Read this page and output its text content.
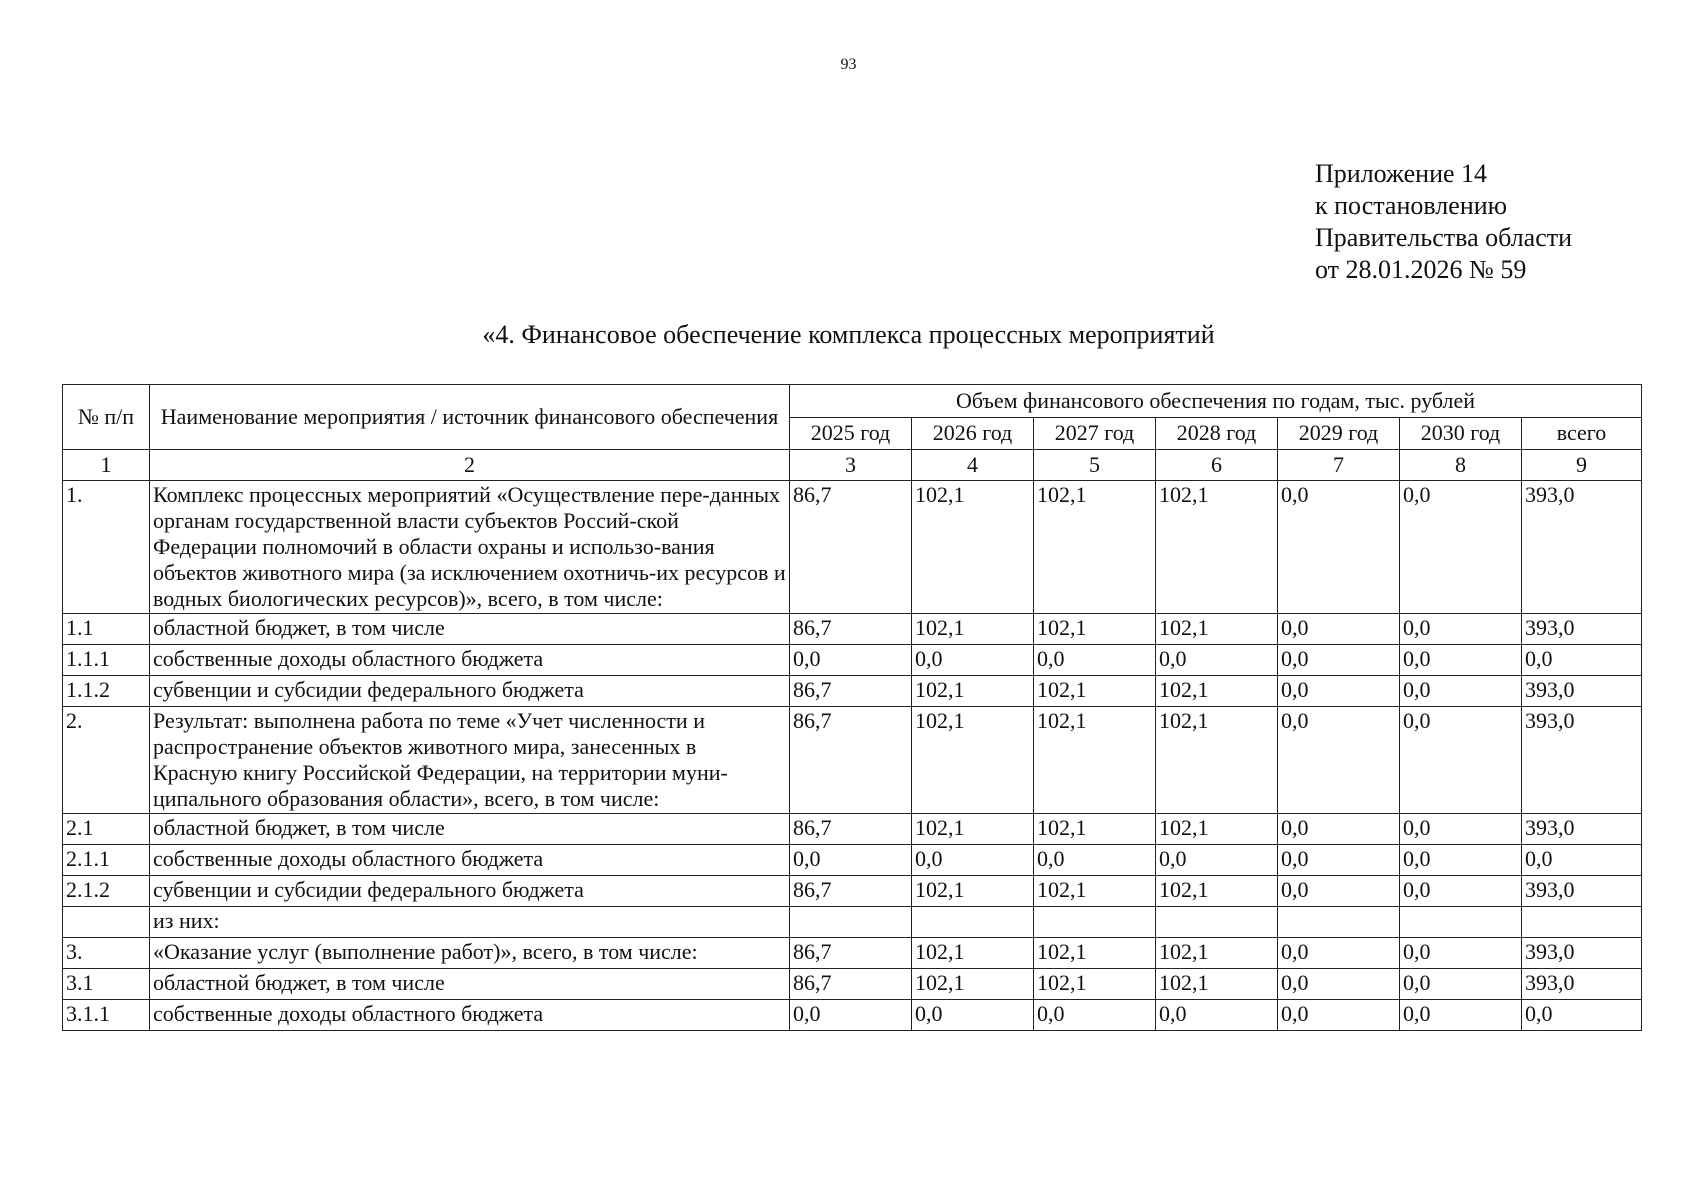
93
Приложение 14
к постановлению
Правительства области
от 28.01.2026 № 59
«4. Финансовое обеспечение комплекса процессных мероприятий
№ п/п	Наименование мероприятия / источник финансового обеспечения	Объем финансового обеспечения по годам, тыс. рублей						
		2025 год	2026 год	2027 год	2028 год	2029 год	2030 год	всего
1	2	3	4	5	6	7	8	9
1.	Комплекс процессных мероприятий «Осуществление пере-данных органам государственной власти субъектов Россий-ской Федерации полномочий в области охраны и использо-вания объектов животного мира (за исключением охотничь-их ресурсов и водных биологических ресурсов)», всего, в том числе:	86,7	102,1	102,1	102,1	0,0	0,0	393,0
1.1	областной бюджет, в том числе	86,7	102,1	102,1	102,1	0,0	0,0	393,0
1.1.1	собственные доходы областного бюджета	0,0	0,0	0,0	0,0	0,0	0,0	0,0
1.1.2	субвенции и субсидии федерального бюджета	86,7	102,1	102,1	102,1	0,0	0,0	393,0
2.	Результат: выполнена работа по теме «Учет численности и распространение объектов животного мира, занесенных в Красную книгу Российской Федерации, на территории муни-ципального образования области», всего, в том числе:	86,7	102,1	102,1	102,1	0,0	0,0	393,0
2.1	областной бюджет, в том числе	86,7	102,1	102,1	102,1	0,0	0,0	393,0
2.1.1	собственные доходы областного бюджета	0,0	0,0	0,0	0,0	0,0	0,0	0,0
2.1.2	субвенции и субсидии федерального бюджета	86,7	102,1	102,1	102,1	0,0	0,0	393,0
	из них:							
3.	«Оказание услуг (выполнение работ)», всего, в том числе:	86,7	102,1	102,1	102,1	0,0	0,0	393,0
3.1	областной бюджет, в том числе	86,7	102,1	102,1	102,1	0,0	0,0	393,0
3.1.1	собственные доходы областного бюджета	0,0	0,0	0,0	0,0	0,0	0,0	0,0
